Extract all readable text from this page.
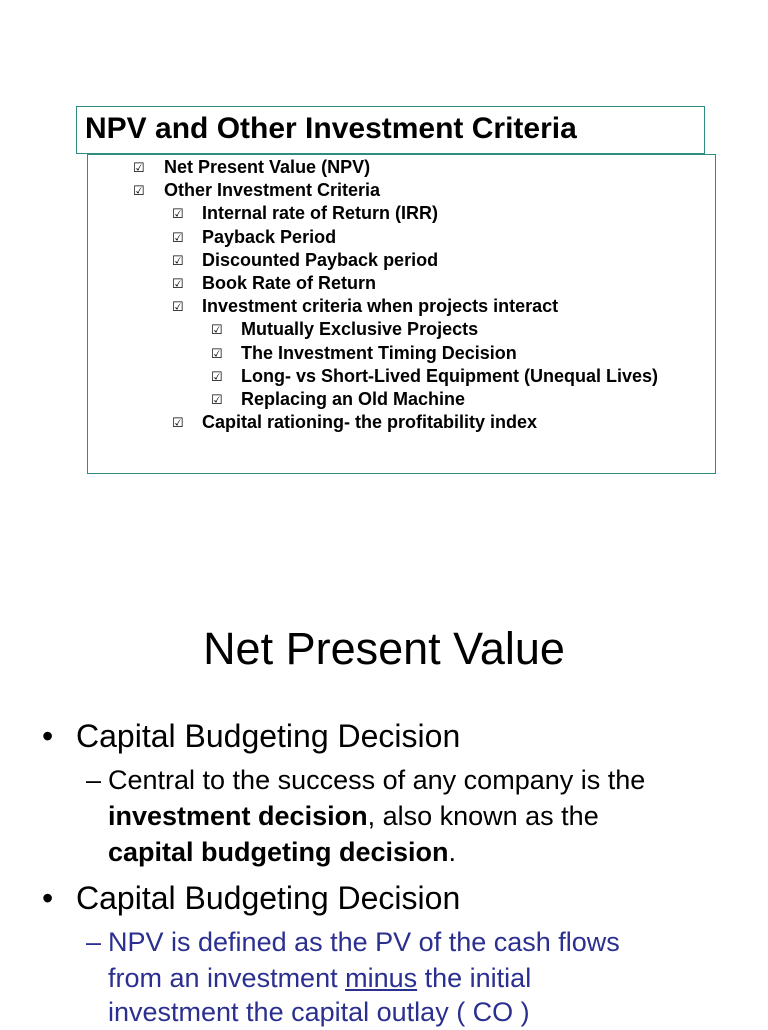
NPV and Other Investment Criteria
☑ Net Present Value (NPV)
☑ Other Investment Criteria
☑ Internal rate of Return (IRR)
☑ Payback Period
☑ Discounted Payback period
☑ Book Rate of Return
☑ Investment criteria when projects interact
☑ Mutually Exclusive Projects
☑ The Investment Timing Decision
☑ Long- vs Short-Lived Equipment (Unequal Lives)
☑ Replacing an Old Machine
☑ Capital rationing- the profitability index
Net Present Value
• Capital Budgeting Decision
– Central to the success of any company is the
investment decision, also known as the
capital budgeting decision.
• Capital Budgeting Decision
– NPV is defined as the PV of the cash flows
from an investment minus the initial
investment the capital outlay ( CO )
